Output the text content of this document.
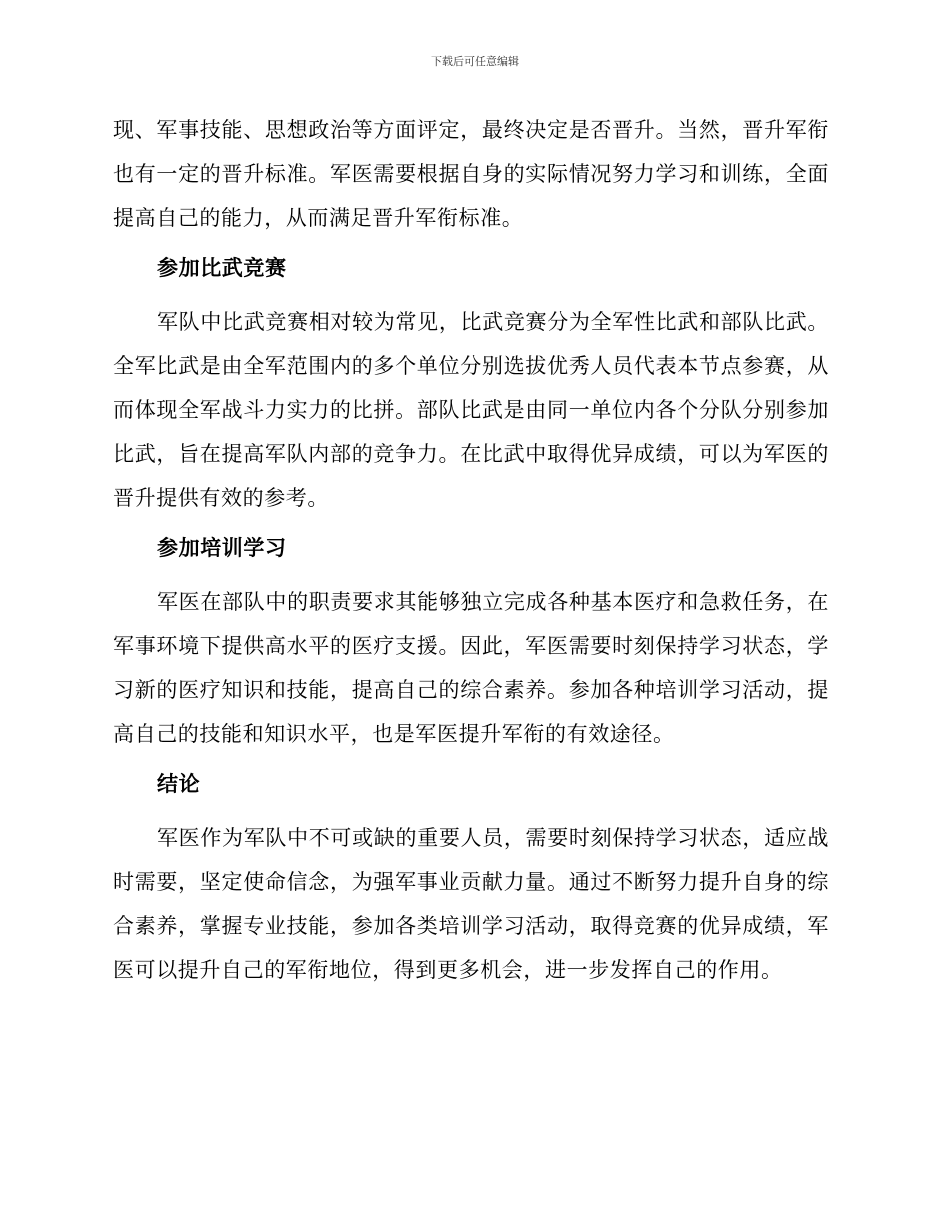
下载后可任意编辑

现、军事技能、思想政治等方面评定，最终决定是否晋升。当然，晋升军衔也有一定的晋升标准。军医需要根据自身的实际情况努力学习和训练，全面提高自己的能力，从而满足晋升军衔标准。

参加比武竞赛

军队中比武竞赛相对较为常见，比武竞赛分为全军性比武和部队比武。全军比武是由全军范围内的多个单位分别选拔优秀人员代表本节点参赛，从而体现全军战斗力实力的比拼。部队比武是由同一单位内各个分队分别参加比武，旨在提高军队内部的竞争力。在比武中取得优异成绩，可以为军医的晋升提供有效的参考。

参加培训学习

军医在部队中的职责要求其能够独立完成各种基本医疗和急救任务，在军事环境下提供高水平的医疗支援。因此，军医需要时刻保持学习状态，学习新的医疗知识和技能，提高自己的综合素养。参加各种培训学习活动，提高自己的技能和知识水平，也是军医提升军衔的有效途径。

结论

军医作为军队中不可或缺的重要人员，需要时刻保持学习状态，适应战时需要，坚定使命信念，为强军事业贡献力量。通过不断努力提升自身的综合素养，掌握专业技能，参加各类培训学习活动，取得竞赛的优异成绩，军医可以提升自己的军衔地位，得到更多机会，进一步发挥自己的作用。
